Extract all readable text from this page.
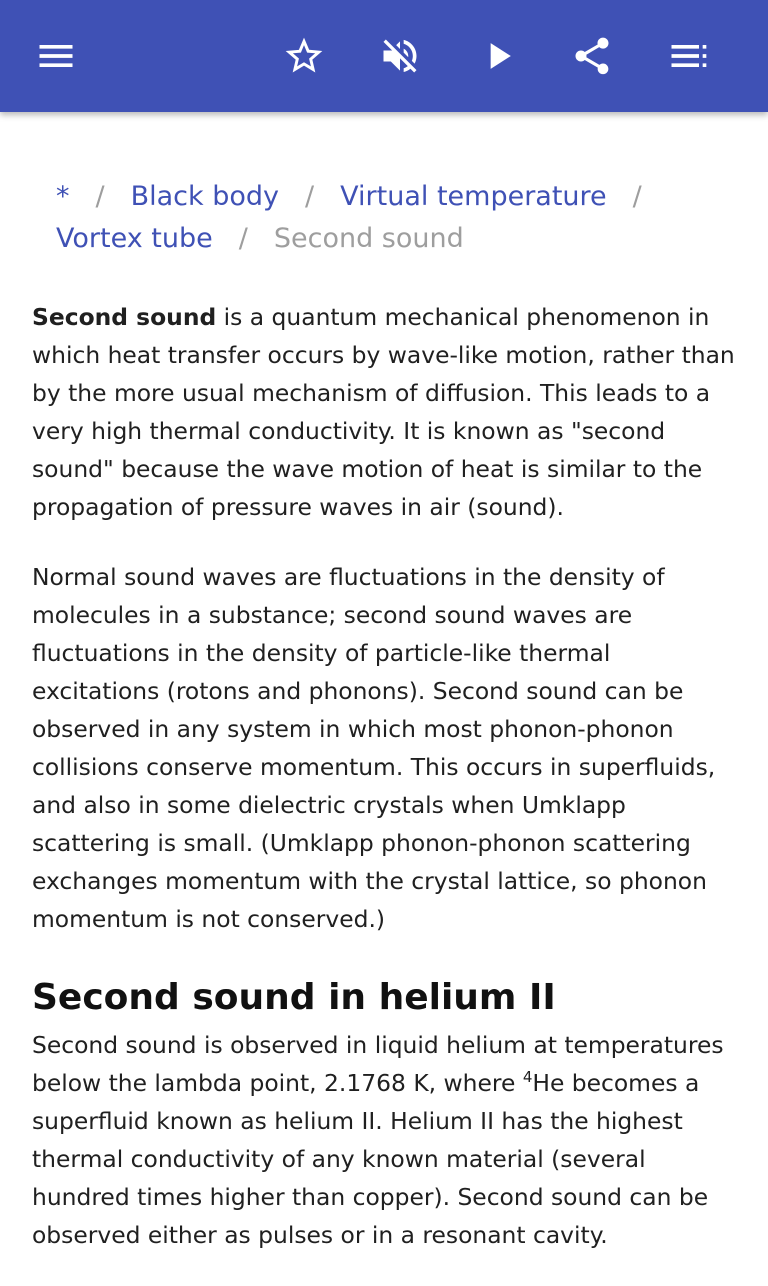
* / Black body / Virtual temperature /
Vortex tube / Second sound

Second sound is a quantum mechanical phenomenon in which heat transfer occurs by wave-like motion, rather than by the more usual mechanism of diffusion. This leads to a very high thermal conductivity. It is known as "second sound" because the wave motion of heat is similar to the propagation of pressure waves in air (sound).

Normal sound waves are fluctuations in the density of molecules in a substance; second sound waves are fluctuations in the density of particle-like thermal excitations (rotons and phonons). Second sound can be observed in any system in which most phonon-phonon collisions conserve momentum. This occurs in superfluids, and also in some dielectric crystals when Umklapp scattering is small. (Umklapp phonon-phonon scattering exchanges momentum with the crystal lattice, so phonon momentum is not conserved.)

Second sound in helium II

Second sound is observed in liquid helium at temperatures below the lambda point, 2.1768 K, where $^4$He becomes a superfluid known as helium II. Helium II has the highest thermal conductivity of any known material (several hundred times higher than copper). Second sound can be observed either as pulses or in a resonant cavity.
